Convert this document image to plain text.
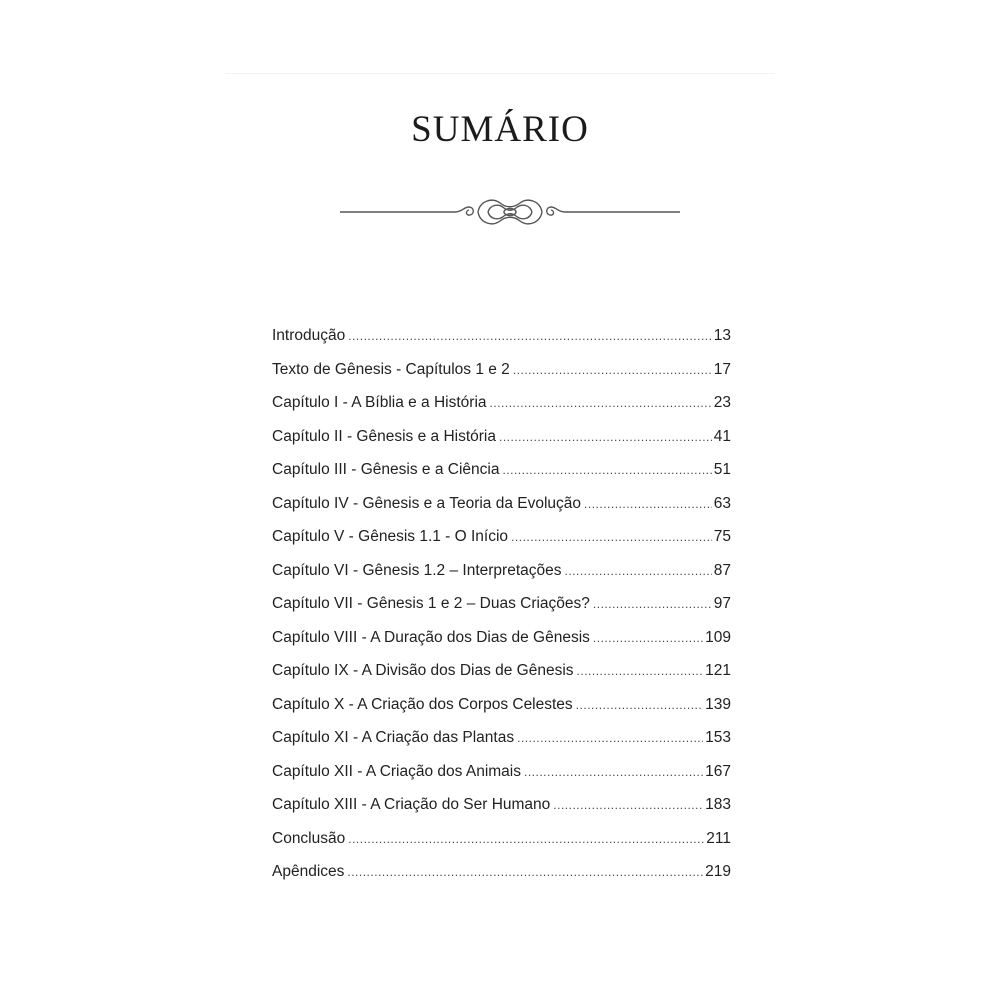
SUMÁRIO
Introdução .....	13
Texto de Gênesis - Capítulos 1 e 2 .....	17
Capítulo I - A Bíblia e a História .....	23
Capítulo II - Gênesis e a História .....	41
Capítulo III - Gênesis e a Ciência .....	51
Capítulo IV - Gênesis e a Teoria da Evolução .....	63
Capítulo V - Gênesis 1.1 - O Início .....	75
Capítulo VI - Gênesis 1.2 – Interpretações .....	87
Capítulo VII - Gênesis 1 e 2 – Duas Criações? .....	97
Capítulo VIII - A Duração dos Dias de Gênesis .....	109
Capítulo IX - A Divisão dos Dias de Gênesis .....	121
Capítulo X - A Criação dos Corpos Celestes .....	139
Capítulo XI - A Criação das Plantas .....	153
Capítulo XII - A Criação dos Animais .....	167
Capítulo XIII - A Criação do Ser Humano .....	183
Conclusão .....	211
Apêndices .....	219
